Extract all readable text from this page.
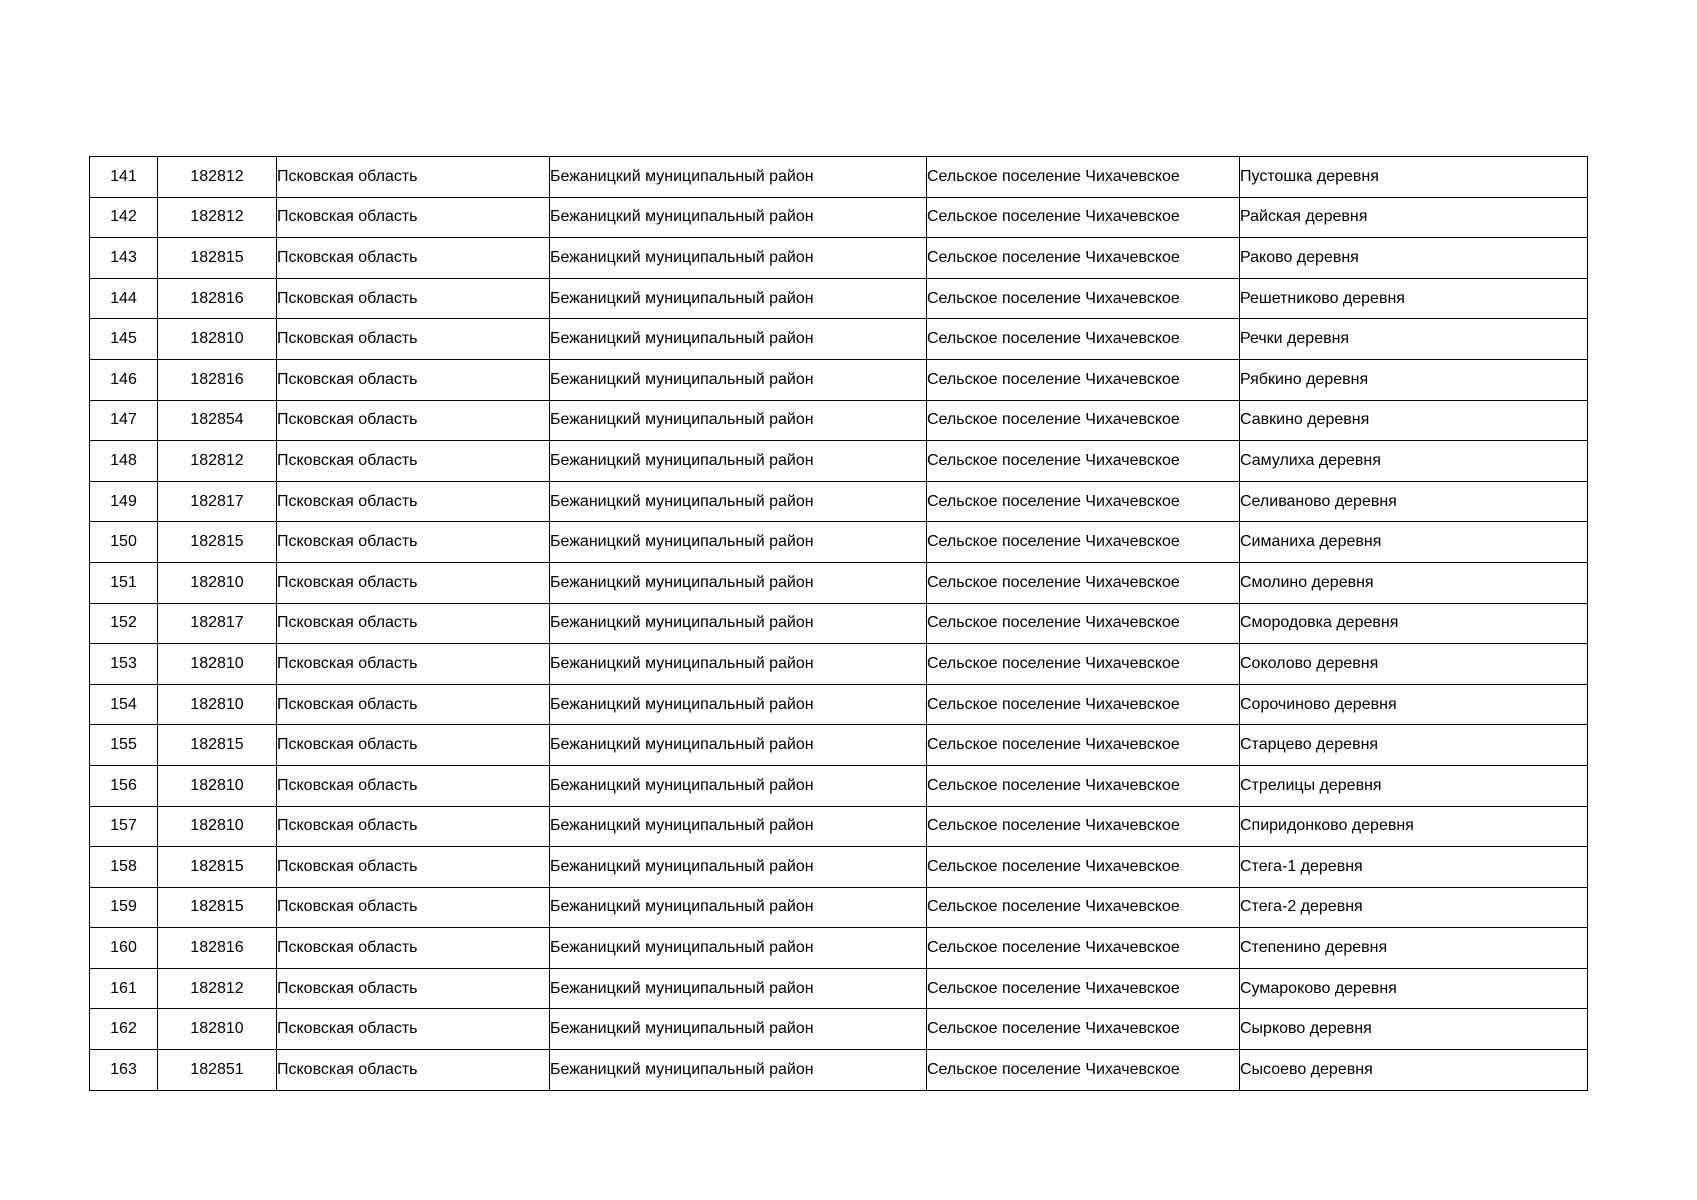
141	182812	Псковская область	Бежаницкий муниципальный район	Сельское поселение Чихачевское	Пустошка деревня
142	182812	Псковская область	Бежаницкий муниципальный район	Сельское поселение Чихачевское	Райская деревня
143	182815	Псковская область	Бежаницкий муниципальный район	Сельское поселение Чихачевское	Раково деревня
144	182816	Псковская область	Бежаницкий муниципальный район	Сельское поселение Чихачевское	Решетниково деревня
145	182810	Псковская область	Бежаницкий муниципальный район	Сельское поселение Чихачевское	Речки деревня
146	182816	Псковская область	Бежаницкий муниципальный район	Сельское поселение Чихачевское	Рябкино деревня
147	182854	Псковская область	Бежаницкий муниципальный район	Сельское поселение Чихачевское	Савкино деревня
148	182812	Псковская область	Бежаницкий муниципальный район	Сельское поселение Чихачевское	Самулиха деревня
149	182817	Псковская область	Бежаницкий муниципальный район	Сельское поселение Чихачевское	Селиваново деревня
150	182815	Псковская область	Бежаницкий муниципальный район	Сельское поселение Чихачевское	Симаниха деревня
151	182810	Псковская область	Бежаницкий муниципальный район	Сельское поселение Чихачевское	Смолино деревня
152	182817	Псковская область	Бежаницкий муниципальный район	Сельское поселение Чихачевское	Смородовка деревня
153	182810	Псковская область	Бежаницкий муниципальный район	Сельское поселение Чихачевское	Соколово деревня
154	182810	Псковская область	Бежаницкий муниципальный район	Сельское поселение Чихачевское	Сорочиново деревня
155	182815	Псковская область	Бежаницкий муниципальный район	Сельское поселение Чихачевское	Старцево деревня
156	182810	Псковская область	Бежаницкий муниципальный район	Сельское поселение Чихачевское	Стрелицы деревня
157	182810	Псковская область	Бежаницкий муниципальный район	Сельское поселение Чихачевское	Спиридонково деревня
158	182815	Псковская область	Бежаницкий муниципальный район	Сельское поселение Чихачевское	Стега-1 деревня
159	182815	Псковская область	Бежаницкий муниципальный район	Сельское поселение Чихачевское	Стега-2 деревня
160	182816	Псковская область	Бежаницкий муниципальный район	Сельское поселение Чихачевское	Степенино деревня
161	182812	Псковская область	Бежаницкий муниципальный район	Сельское поселение Чихачевское	Сумароково деревня
162	182810	Псковская область	Бежаницкий муниципальный район	Сельское поселение Чихачевское	Сырково деревня
163	182851	Псковская область	Бежаницкий муниципальный район	Сельское поселение Чихачевское	Сысоево деревня
